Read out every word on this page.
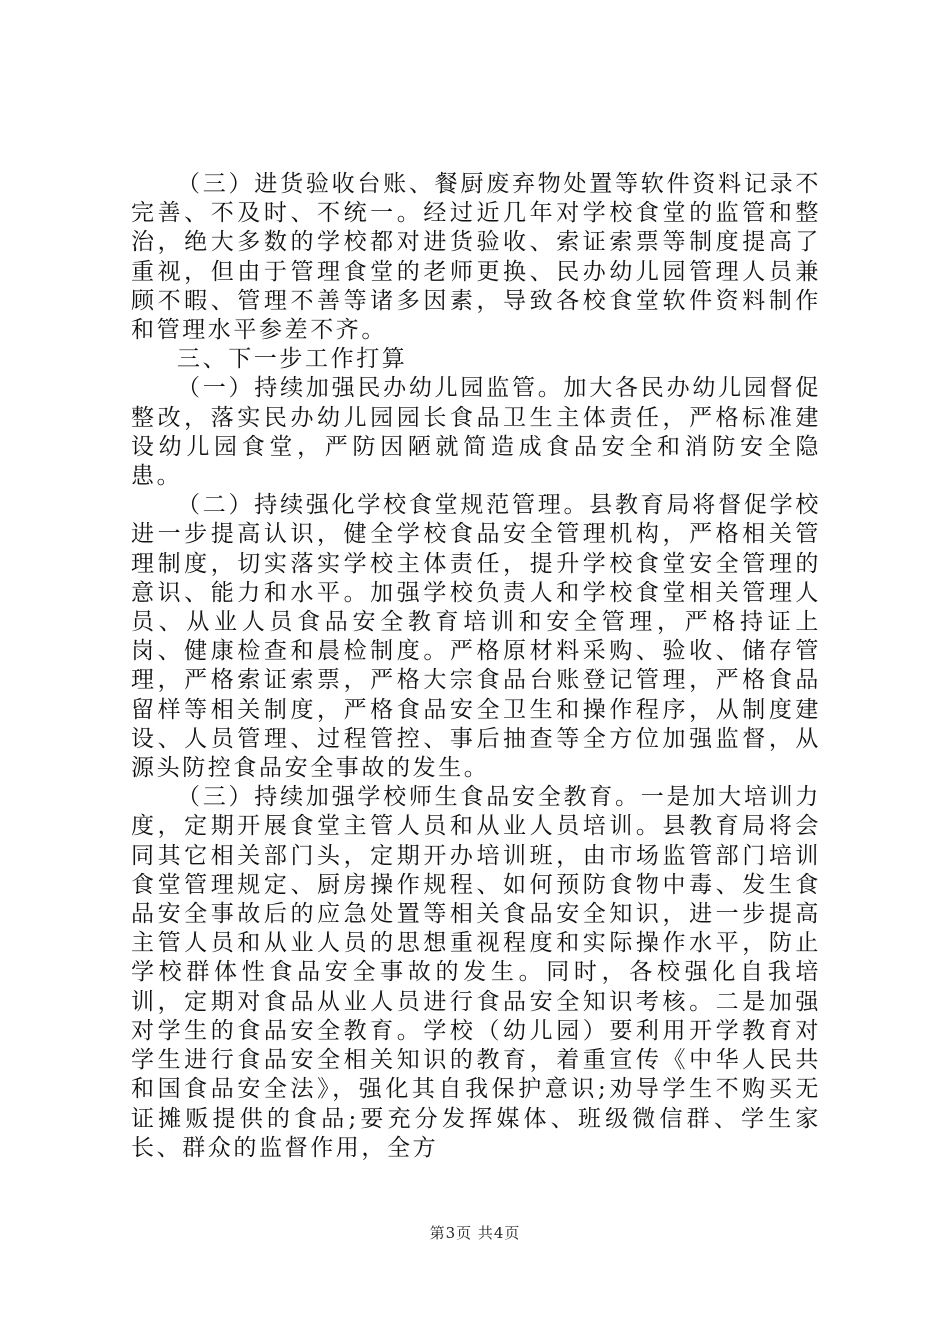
（三）进货验收台账、餐厨废弃物处置等软件资料记录不完善、不及时、不统一。经过近几年对学校食堂的监管和整治，绝大多数的学校都对进货验收、索证索票等制度提高了重视，但由于管理食堂的老师更换、民办幼儿园管理人员兼顾不暇、管理不善等诸多因素，导致各校食堂软件资料制作和管理水平参差不齐。

三、下一步工作打算

（一）持续加强民办幼儿园监管。加大各民办幼儿园督促整改，落实民办幼儿园园长食品卫生主体责任，严格标准建设幼儿园食堂，严防因陋就简造成食品安全和消防安全隐患。

（二）持续强化学校食堂规范管理。县教育局将督促学校进一步提高认识，健全学校食品安全管理机构，严格相关管理制度，切实落实学校主体责任，提升学校食堂安全管理的意识、能力和水平。加强学校负责人和学校食堂相关管理人员、从业人员食品安全教育培训和安全管理，严格持证上岗、健康检查和晨检制度。严格原材料采购、验收、储存管理，严格索证索票，严格大宗食品台账登记管理，严格食品留样等相关制度，严格食品安全卫生和操作程序，从制度建设、人员管理、过程管控、事后抽查等全方位加强监督，从源头防控食品安全事故的发生。

（三）持续加强学校师生食品安全教育。一是加大培训力度，定期开展食堂主管人员和从业人员培训。县教育局将会同其它相关部门头，定期开办培训班，由市场监管部门培训食堂管理规定、厨房操作规程、如何预防食物中毒、发生食品安全事故后的应急处置等相关食品安全知识，进一步提高主管人员和从业人员的思想重视程度和实际操作水平，防止学校群体性食品安全事故的发生。同时，各校强化自我培训，定期对食品从业人员进行食品安全知识考核。二是加强对学生的食品安全教育。学校（幼儿园）要利用开学教育对学生进行食品安全相关知识的教育，着重宣传《中华人民共和国食品安全法》，强化其自我保护意识;劝导学生不购买无证摊贩提供的食品;要充分发挥媒体、班级微信群、学生家长、群众的监督作用，全方

第3页 共4页
